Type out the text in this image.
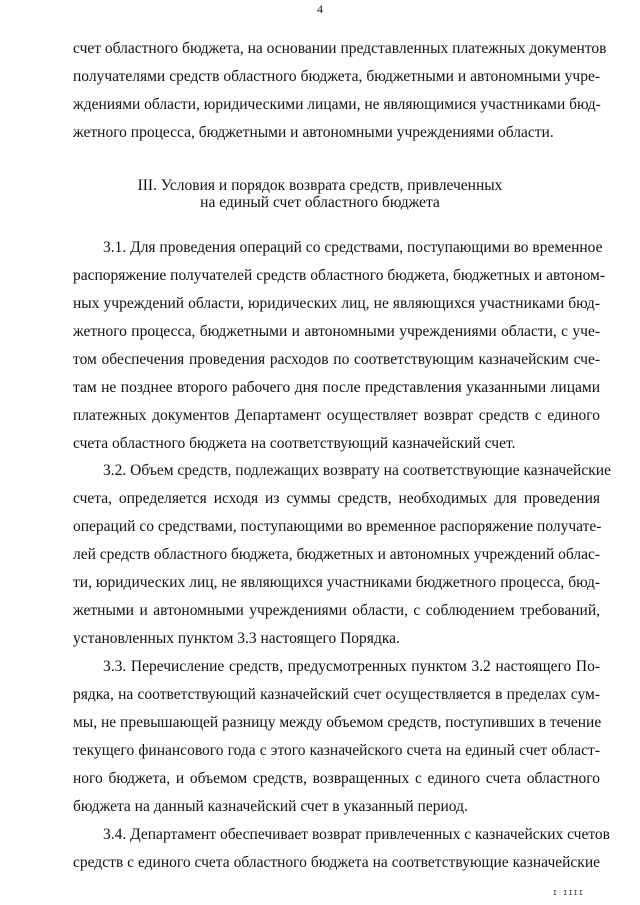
4
счет областного бюджета, на основании представленных платежных документов
получателями средств областного бюджета, бюджетными и автономными учре-
ждениями области, юридическими лицами, не являющимися участниками бюд-
жетного процесса, бюджетными и автономными учреждениями области.
III. Условия и порядок возврата средств, привлеченных
на единый счет областного бюджета
3.1. Для проведения операций со средствами, поступающими во временное
распоряжение получателей средств областного бюджета, бюджетных и автоном-
ных учреждений области, юридических лиц, не являющихся участниками бюд-
жетного процесса, бюджетными и автономными учреждениями области, с уче-
том обеспечения проведения расходов по соответствующим казначейским сче-
там не позднее второго рабочего дня после представления указанными лицами
платежных документов Департамент осуществляет возврат средств с единого
счета областного бюджета на соответствующий казначейский счет.
3.2. Объем средств, подлежащих возврату на соответствующие казначейские
счета, определяется исходя из суммы средств, необходимых для проведения
операций со средствами, поступающими во временное распоряжение получате-
лей средств областного бюджета, бюджетных и автономных учреждений облас-
ти, юридических лиц, не являющихся участниками бюджетного процесса, бюд-
жетными и автономными учреждениями области, с соблюдением требований,
установленных пунктом 3.3 настоящего Порядка.
3.3. Перечисление средств, предусмотренных пунктом 3.2 настоящего По-
рядка, на соответствующий казначейский счет осуществляется в пределах сум-
мы, не превышающей разницу между объемом средств, поступивших в течение
текущего финансового года с этого казначейского счета на единый счет област-
ного бюджета, и объемом средств, возвращенных с единого счета областного
бюджета на данный казначейский счет в указанный период.
3.4. Департамент обеспечивает возврат привлеченных с казначейских счетов
средств с единого счета областного бюджета на соответствующие казначейские
I IIII
